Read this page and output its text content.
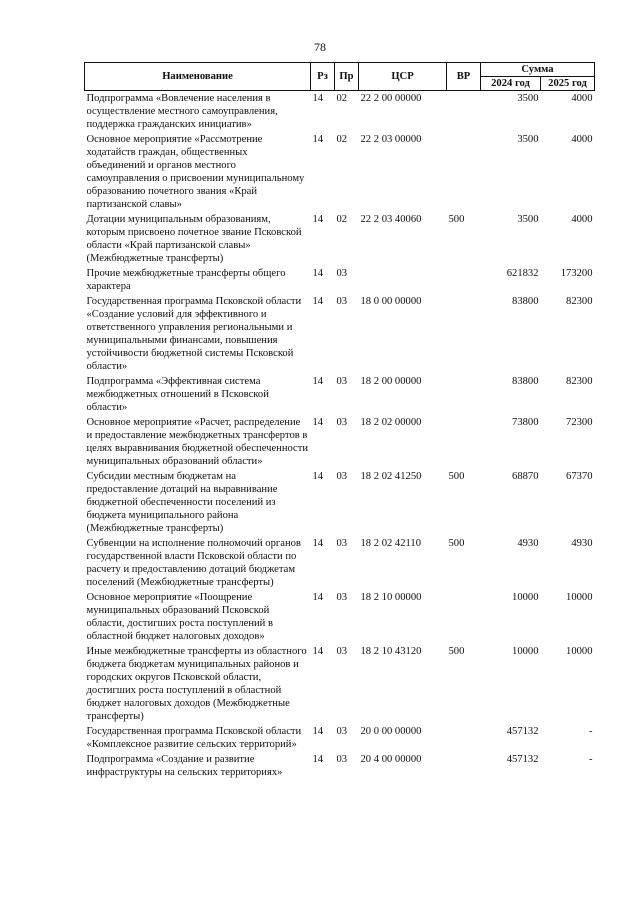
78
Наименование	Рз	Пр	ЦСР	ВР	Сумма	
					2024 год	2025 год
Подпрограмма «Вовлечение населения в осуществление местного самоуправления, поддержка гражданских инициатив»	14	02	22 2 00 00000		3500	4000
Основное мероприятие «Рассмотрение ходатайств граждан, общественных объединений и органов местного самоуправления о присвоении муниципальному образованию почетного звания «Край партизанской славы»	14	02	22 2 03 00000		3500	4000
Дотации муниципальным образованиям, которым присвоено почетное звание Псковской области «Край партизанской славы» (Межбюджетные трансферты)	14	02	22 2 03 40060	500	3500	4000
Прочие межбюджетные трансферты общего характера	14	03			621832	173200
Государственная программа Псковской области «Создание условий для эффективного и ответственного управления региональными и муниципальными финансами, повышения устойчивости бюджетной системы Псковской области»	14	03	18 0 00 00000		83800	82300
Подпрограмма «Эффективная система межбюджетных отношений в Псковской области»	14	03	18 2 00 00000		83800	82300
Основное мероприятие «Расчет, распределение и предоставление межбюджетных трансфертов в целях выравнивания бюджетной обеспеченности муниципальных образований области»	14	03	18 2 02 00000		73800	72300
Субсидии местным бюджетам на предоставление дотаций на выравнивание бюджетной обеспеченности поселений из бюджета муниципального района (Межбюджетные трансферты)	14	03	18 2 02 41250	500	68870	67370
Субвенции на исполнение полномочий органов государственной власти Псковской области по расчету и предоставлению дотаций бюджетам поселений (Межбюджетные трансферты)	14	03	18 2 02 42110	500	4930	4930
Основное мероприятие «Поощрение муниципальных образований Псковской области, достигших роста поступлений в областной бюджет налоговых доходов»	14	03	18 2 10 00000		10000	10000
Иные межбюджетные трансферты из областного бюджета бюджетам муниципальных районов и городских округов Псковской области, достигших роста поступлений в областной бюджет налоговых доходов (Межбюджетные трансферты)	14	03	18 2 10 43120	500	10000	10000
Государственная программа Псковской области «Комплексное развитие сельских территорий»	14	03	20 0 00 00000		457132	-
Подпрограмма «Создание и развитие инфраструктуры на сельских территориях»	14	03	20 4 00 00000		457132	-
